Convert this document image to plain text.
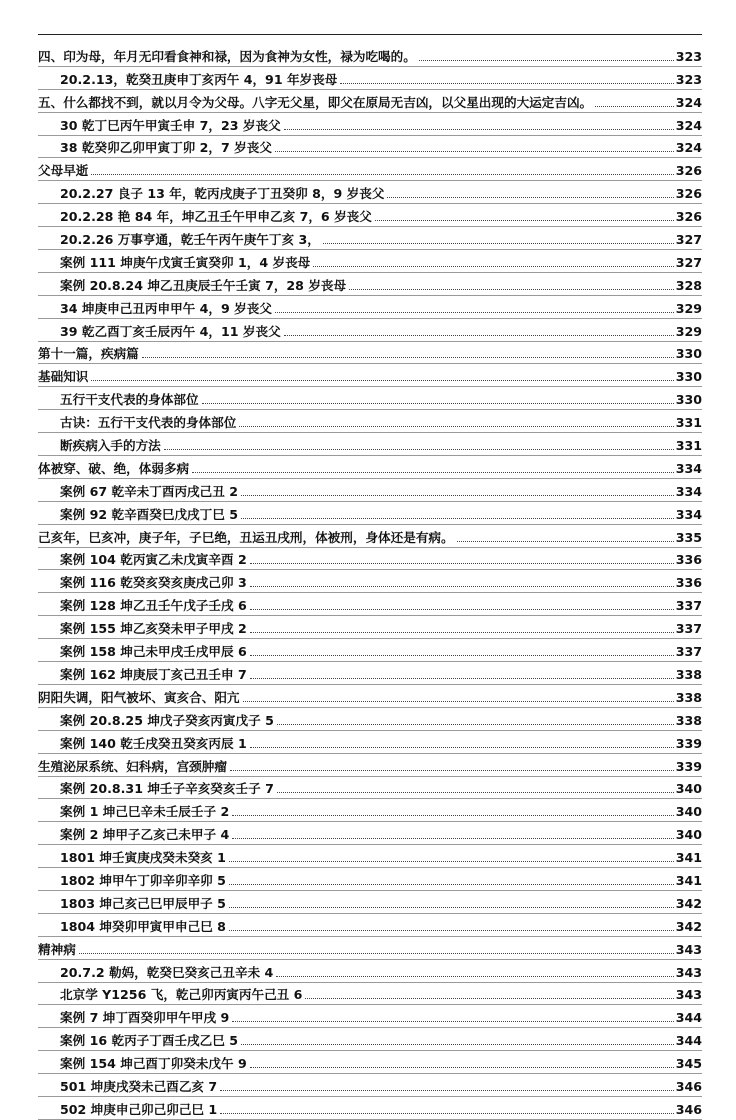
四、印为母，年月无印看食神和禄，因为食神为女性，禄为吃喝的。	323
20.2.13，乾癸丑庚申丁亥丙午 4，91 年岁丧母	323
五、什么都找不到，就以月令为父母。八字无父星，即父在原局无吉凶，以父星出现的大运定吉凶。	324
30 乾丁巳丙午甲寅壬申 7，23 岁丧父	324
38 乾癸卯乙卯甲寅丁卯 2，7 岁丧父	324
父母早逝	326
20.2.27 良子 13 年，乾丙戌庚子丁丑癸卯 8，9 岁丧父	326
20.2.28 艳 84 年，坤乙丑壬午甲申乙亥 7，6 岁丧父	326
20.2.26 万事亨通，乾壬午丙午庚午丁亥 3，	327
案例 111 坤庚午戊寅壬寅癸卯 1，4 岁丧母	327
案例 20.8.24 坤乙丑庚辰壬午壬寅 7，28 岁丧母	328
34 坤庚申己丑丙申甲午 4，9 岁丧父	329
39 乾乙酉丁亥壬辰丙午 4，11 岁丧父	329
第十一篇，疾病篇	330
基础知识	330
五行干支代表的身体部位	330
古诀：五行干支代表的身体部位	331
断疾病入手的方法	331
体被穿、破、绝，体弱多病	334
案例 67 乾辛未丁酉丙戌己丑 2	334
案例 92 乾辛酉癸巳戊戌丁巳 5	334
己亥年，巳亥冲，庚子年，子巳绝，丑运丑戌刑，体被刑，身体还是有病。	335
案例 104 乾丙寅乙未戊寅辛酉 2	336
案例 116 乾癸亥癸亥庚戌己卯 3	336
案例 128 坤乙丑壬午戊子壬戌 6	337
案例 155 坤乙亥癸未甲子甲戌 2	337
案例 158 坤己未甲戌壬戌甲辰 6	337
案例 162 坤庚辰丁亥己丑壬申 7	338
阴阳失调，阳气被坏、寅亥合、阳亢	338
案例 20.8.25 坤戊子癸亥丙寅戊子 5	338
案例 140 乾壬戌癸丑癸亥丙辰 1	339
生殖泌尿系统、妇科病，宫颈肿瘤	339
案例 20.8.31 坤壬子辛亥癸亥壬子 7	340
案例 1 坤己巳辛未壬辰壬子 2	340
案例 2 坤甲子乙亥己未甲子 4	340
1801 坤壬寅庚戌癸未癸亥 1	341
1802 坤甲午丁卯辛卯辛卯 5	341
1803 坤己亥己巳甲辰甲子 5	342
1804 坤癸卯甲寅甲申己巳 8	342
精神病	343
20.7.2 勒妈，乾癸巳癸亥己丑辛未 4	343
北京学 Y1256 飞，乾己卯丙寅丙午己丑 6	343
案例 7 坤丁酉癸卯甲午甲戌 9	344
案例 16 乾丙子丁酉壬戌乙巳 5	344
案例 154 坤己酉丁卯癸未戊午 9	345
501 坤庚戌癸未己酉乙亥 7	346
502 坤庚申己卯己卯己巳 1	346
